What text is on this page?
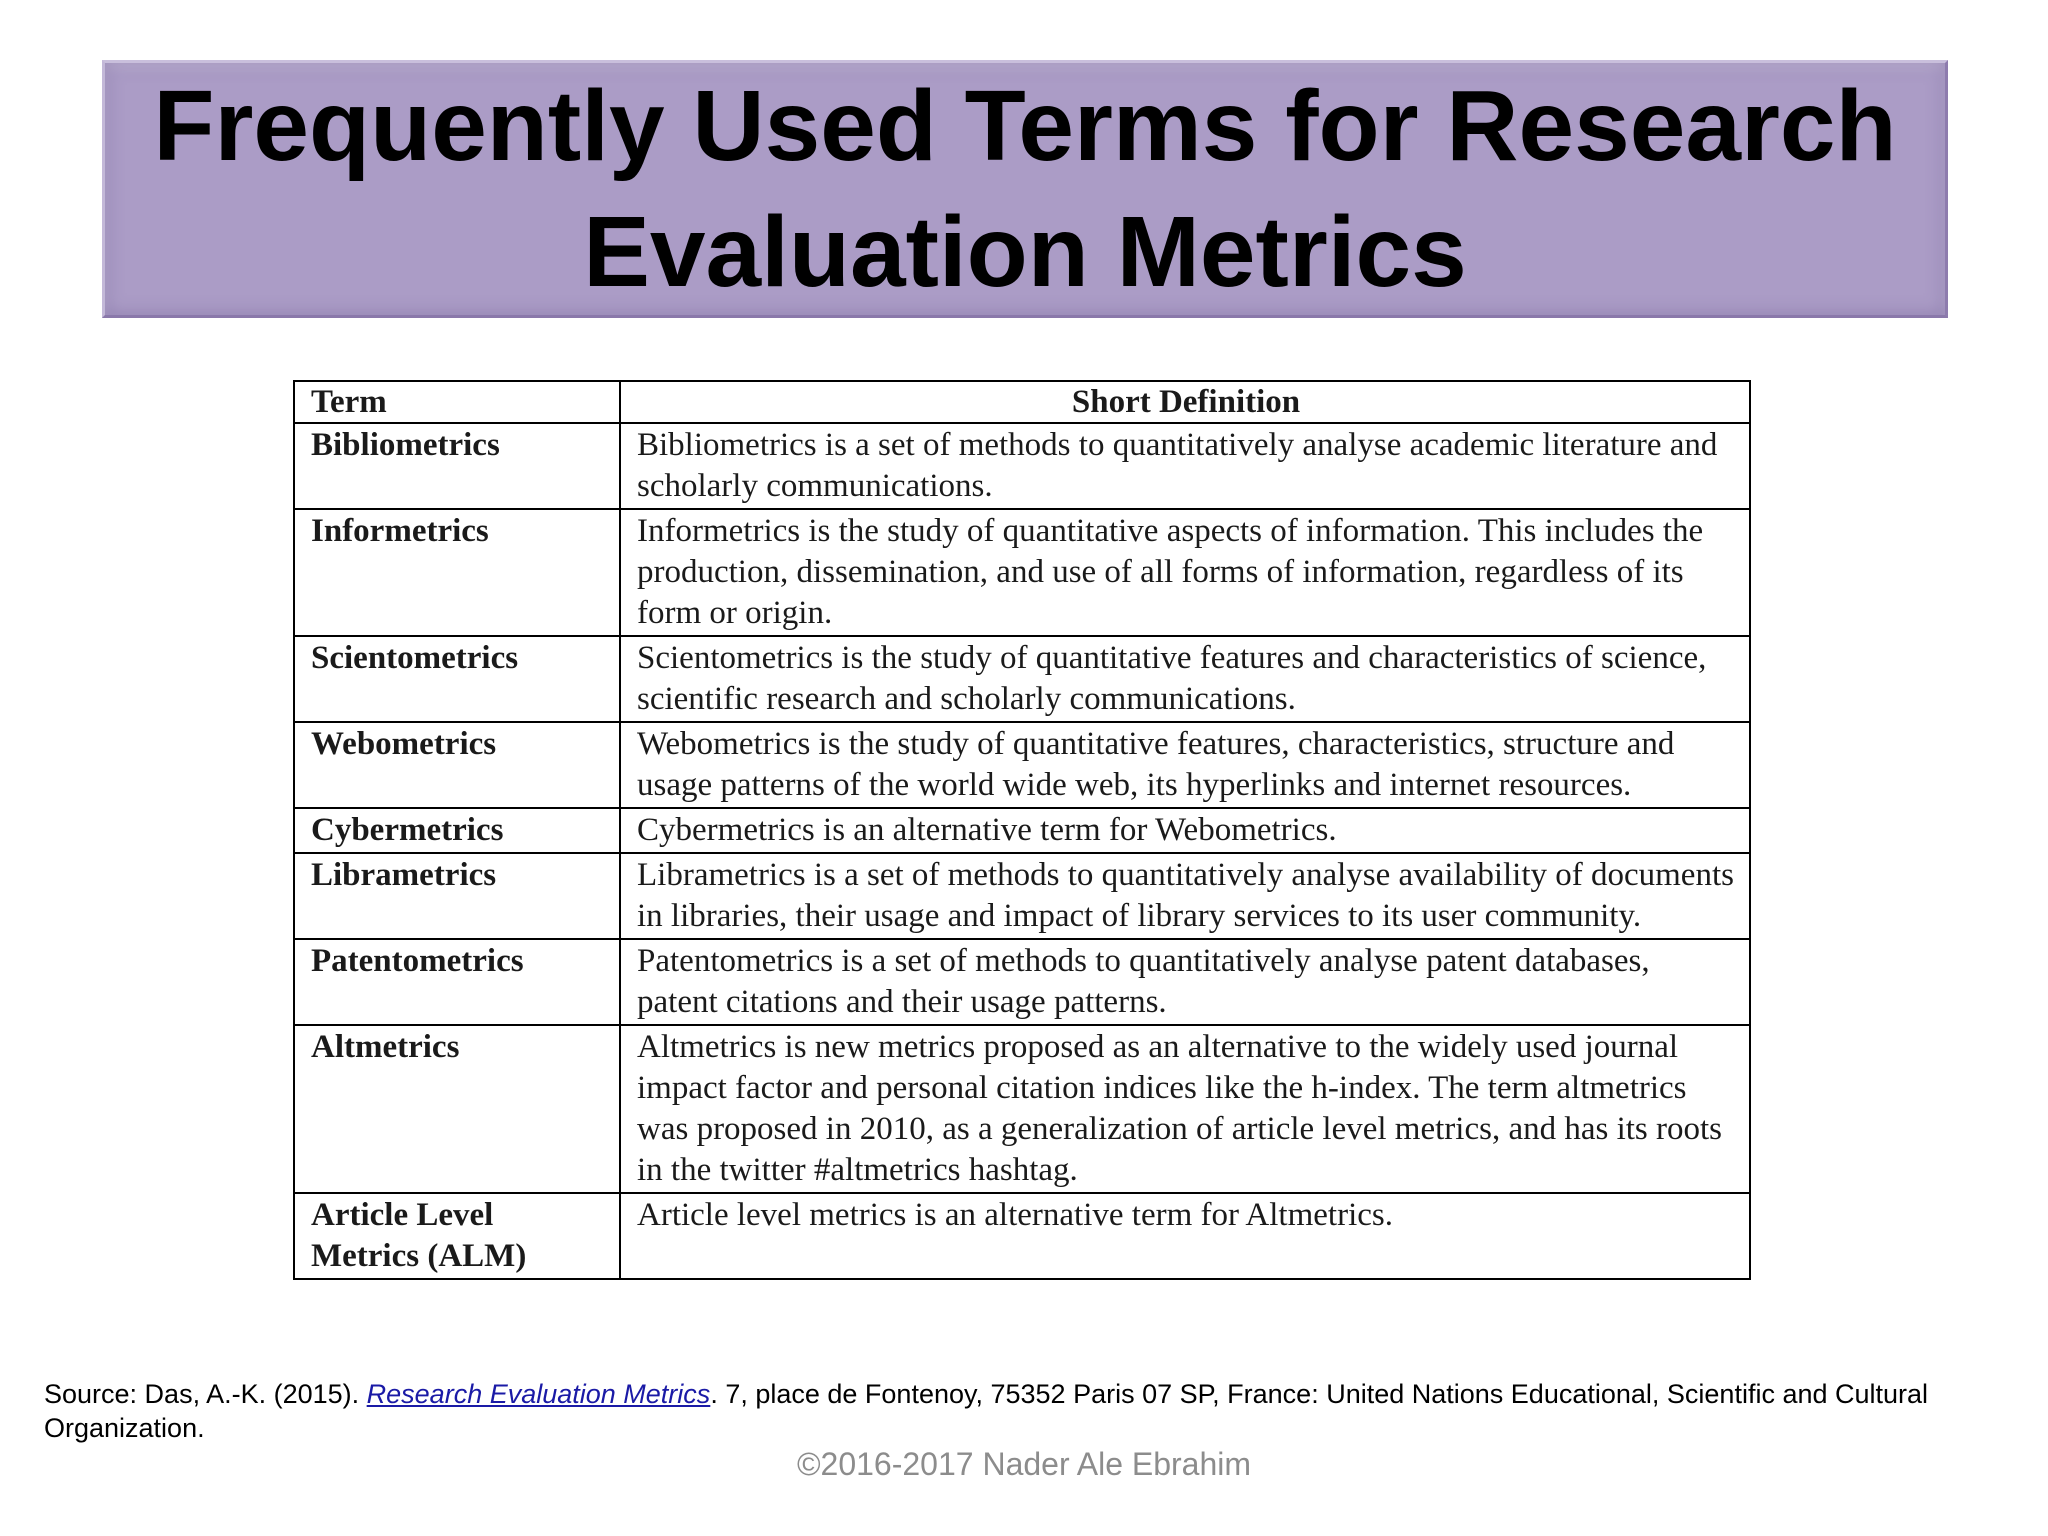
Frequently Used Terms for Research
Evaluation Metrics
Term	Short Definition
Bibliometrics	Bibliometrics is a set of methods to quantitatively analyse academic literature and scholarly communications.
Informetrics	Informetrics is the study of quantitative aspects of information. This includes the production, dissemination, and use of all forms of information, regardless of its form or origin.
Scientometrics	Scientometrics is the study of quantitative features and characteristics of science, scientific research and scholarly communications.
Webometrics	Webometrics is the study of quantitative features, characteristics, structure and usage patterns of the world wide web, its hyperlinks and internet resources.
Cybermetrics	Cybermetrics is an alternative term for Webometrics.
Librametrics	Librametrics is a set of methods to quantitatively analyse availability of documents in libraries, their usage and impact of library services to its user community.
Patentometrics	Patentometrics is a set of methods to quantitatively analyse patent databases, patent citations and their usage patterns.
Altmetrics	Altmetrics is new metrics proposed as an alternative to the widely used journal impact factor and personal citation indices like the h-index. The term altmetrics was proposed in 2010, as a generalization of article level metrics, and has its roots in the twitter #altmetrics hashtag.
Article Level Metrics (ALM)	Article level metrics is an alternative term for Altmetrics.
Source: Das, A.-K. (2015). Research Evaluation Metrics. 7, place de Fontenoy, 75352 Paris 07 SP, France: United Nations Educational, Scientific and Cultural Organization.
©2016-2017 Nader Ale Ebrahim
